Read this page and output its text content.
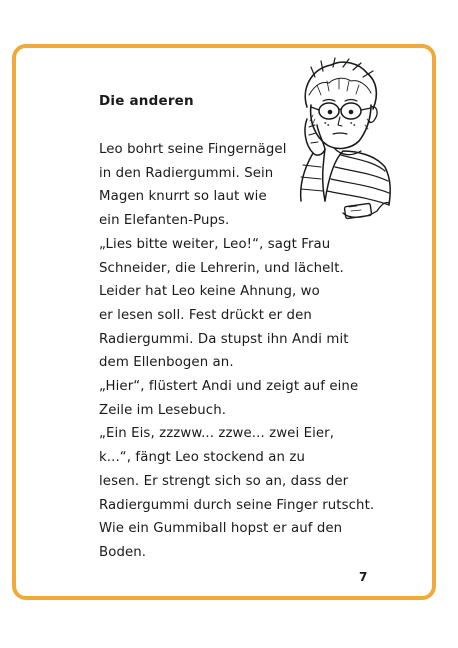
Die anderen
Leo bohrt seine Fingernägel
in den Radiergummi. Sein
Magen knurrt so laut wie
ein Elefanten-Pups.
„Lies bitte weiter, Leo!“, sagt Frau
Schneider, die Lehrerin, und lächelt.
Leider hat Leo keine Ahnung, wo
er lesen soll. Fest drückt er den
Radiergummi. Da stupst ihn Andi mit
dem Ellenbogen an.
„Hier“, flüstert Andi und zeigt auf eine
Zeile im Lesebuch.
„Ein Eis, zzzww... zzwe... zwei Eier,
k...“, fängt Leo stockend an zu
lesen. Er strengt sich so an, dass der
Radiergummi durch seine Finger rutscht.
Wie ein Gummiball hopst er auf den
Boden.
7
